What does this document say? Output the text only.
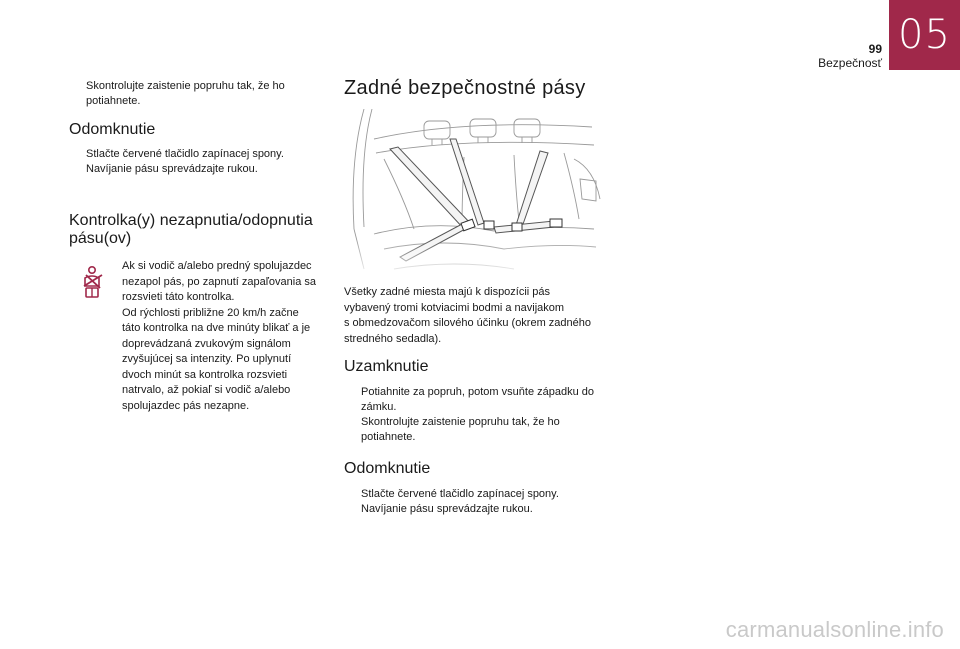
05
99
Bezpečnosť
Skontrolujte zaistenie popruhu tak, že ho potiahnete.
Odomknutie
Stlačte červené tlačidlo zapínacej spony.
Navíjanie pásu sprevádzajte rukou.
Kontrolka(y) nezapnutia/odopnutia pásu(ov)
Ak si vodič a/alebo predný spolujazdec
nezapol pás, po zapnutí zapaľovania sa
rozsvieti táto kontrolka.
Od rýchlosti približne 20 km/h začne
táto kontrolka na dve minúty blikať a je
doprevádzaná zvukovým signálom
zvyšujúcej sa intenzity. Po uplynutí
dvoch minút sa kontrolka rozsvieti
natrvalo, až pokiaľ si vodič a/alebo
spolujazdec pás nezapne.
Zadné bezpečnostné pásy
Všetky zadné miesta majú k dispozícii pás
vybavený tromi kotviacimi bodmi a navijakom
s obmedzovačom silového účinku (okrem zadného
stredného sedadla).
Uzamknutie
Potiahnite za popruh, potom vsuňte západku do zámku.
Skontrolujte zaistenie popruhu tak, že ho potiahnete.
Odomknutie
Stlačte červené tlačidlo zapínacej spony.
Navíjanie pásu sprevádzajte rukou.
carmanualsonline.info
